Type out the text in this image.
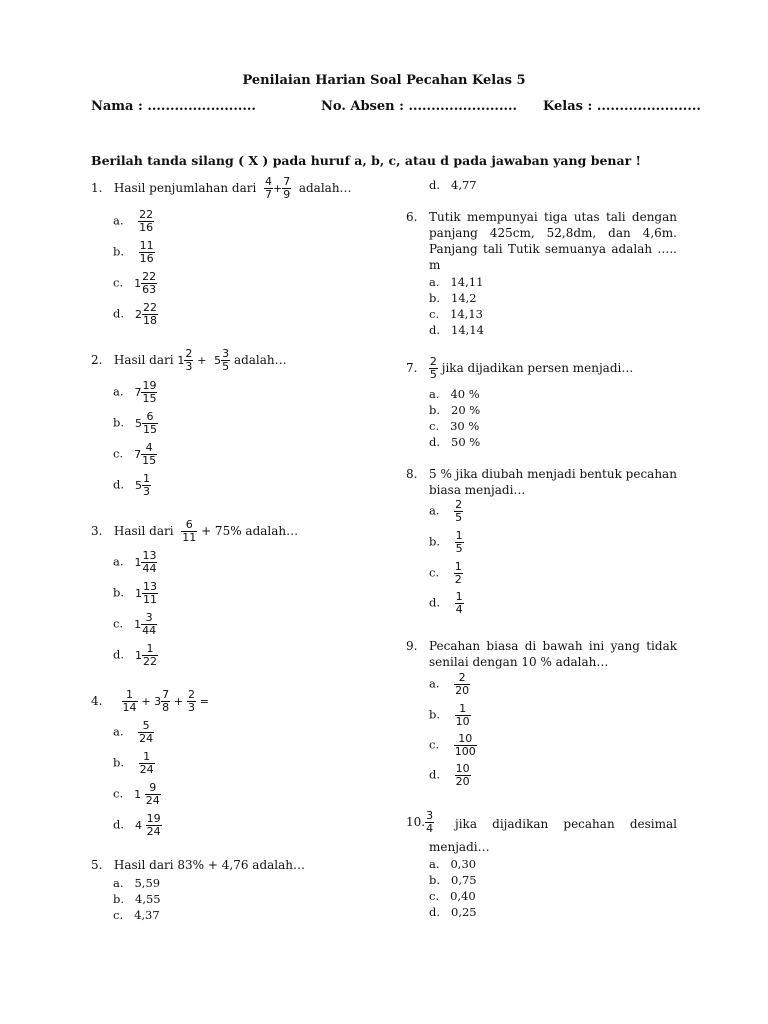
Penilaian Harian Soal Pecahan Kelas 5
Nama : ........................	No. Absen : ........................ Kelas : .......................
Berilah tanda silang ( X ) pada huruf a, b, c, atau d pada jawaban yang benar !
1. Hasil penjumlahan dari $\frac{4}{7} + \frac{7}{9}$ adalah…
a. $\frac{22}{16}$
b. $\frac{11}{16}$
c. $1 \frac{22}{63}$
d. $2 \frac{22}{18}$
2. Hasil dari $1 \frac{2}{3} + 5 \frac{3}{5}$ adalah…
a. $7 \frac{19}{15}$
b. $5 \frac{6}{15}$
c. $7 \frac{4}{15}$
d. $5 \frac{1}{3}$
3. Hasil dari $\frac{6}{11} + 75\%$ adalah…
a. $1 \frac{13}{44}$
b. $1 \frac{13}{11}$
c. $1 \frac{3}{44}$
d. $1 \frac{1}{22}$
4. $\frac{1}{14} + 3 \frac{7}{8} + \frac{2}{3}$ =
a. $\frac{5}{24}$
b. $\frac{1}{24}$
c. $1 \frac{9}{24}$
d. $4 \frac{19}{24}$
5. Hasil dari 83% + 4,76 adalah…
a. 5,59
b. 4,55
c. 4,37
d. 4,77
6. Tutik mempunyai tiga utas tali dengan
panjang 425cm, 52,8dm, dan 4,6m.
Panjang tali Tutik semuanya adalah …..
m
a. 14,11
b. 14,2
c. 14,13
d. 14,14
7. $\frac{2}{5}$ jika dijadikan persen menjadi…
a. 40 %
b. 20 %
c. 30 %
d. 50 %
8. 5 % jika diubah menjadi bentuk pecahan
biasa menjadi…
a. $\frac{2}{5}$
b. $\frac{1}{5}$
c. $\frac{1}{2}$
d. $\frac{1}{4}$
9. Pecahan biasa di bawah ini yang tidak
senilai dengan 10 % adalah…
a. $\frac{2}{20}$
b. $\frac{1}{10}$
c. $\frac{10}{100}$
d. $\frac{10}{20}$
10. $\frac{3}{4}$ jika dijadikan pecahan desimal
menjadi…
a. 0,30
b. 0,75
c. 0,40
d. 0,25
